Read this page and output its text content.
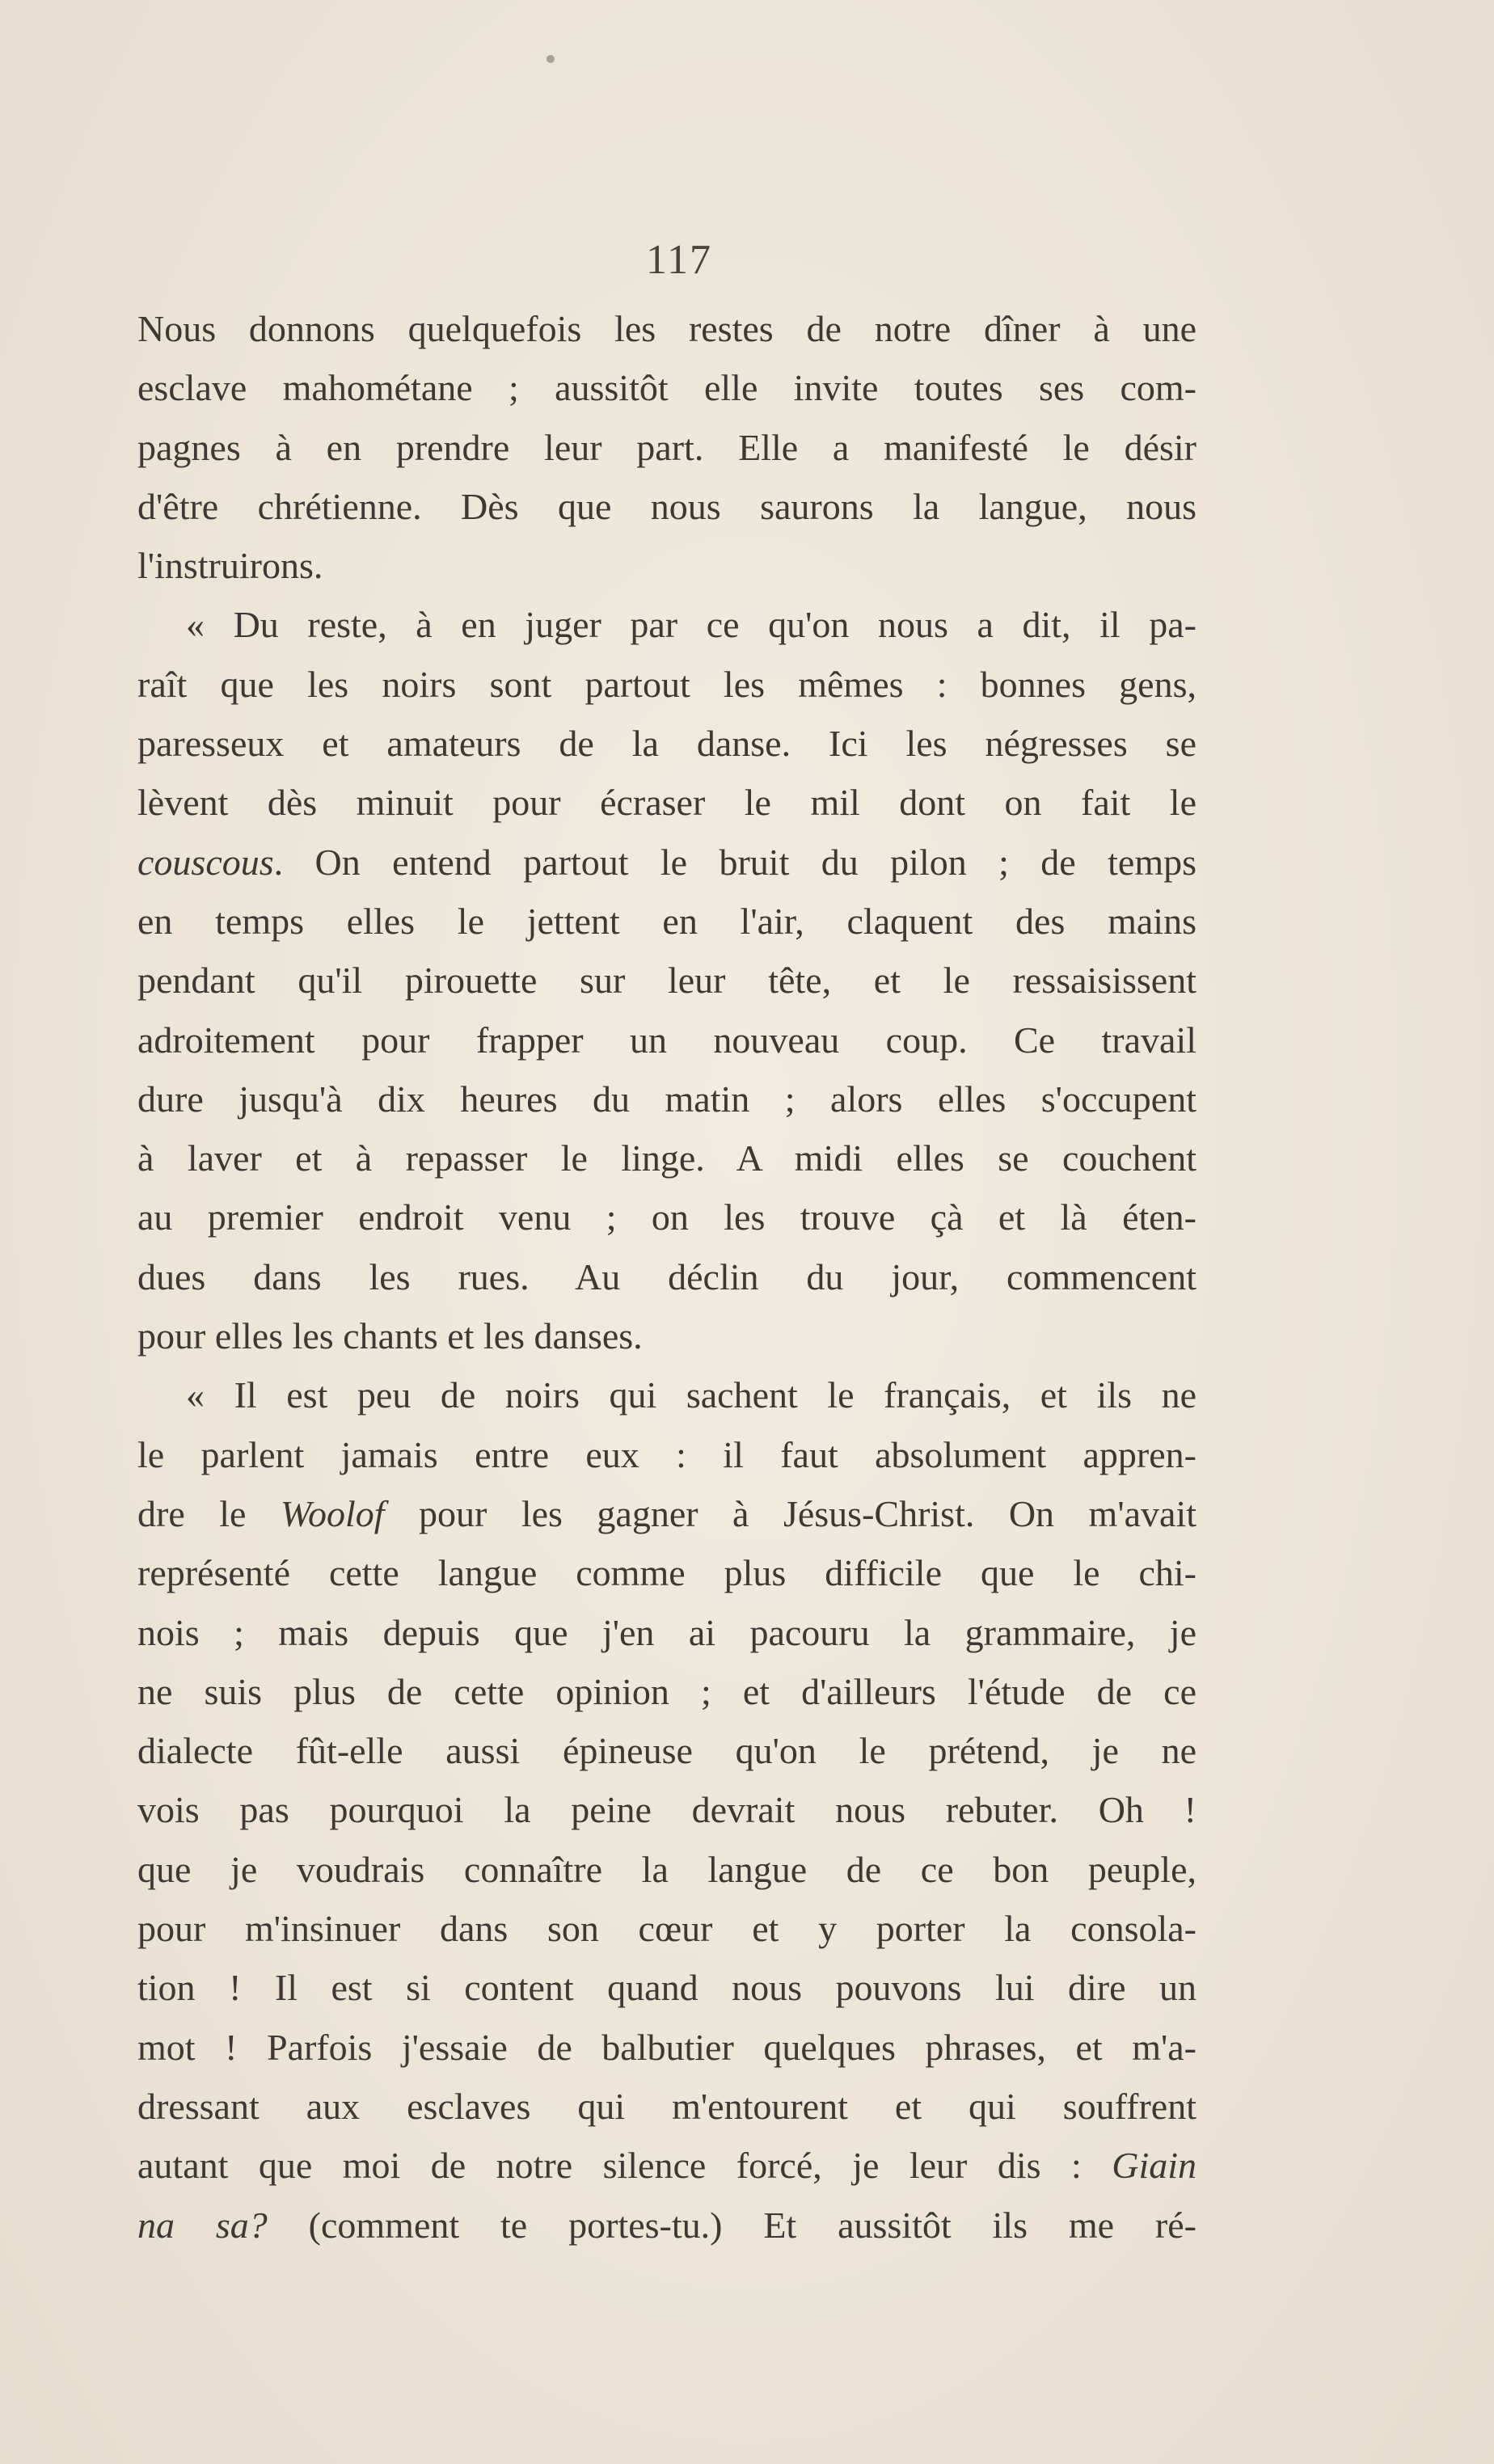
117
Nous donnons quelquefois les restes de notre dîner à une
esclave mahométane ; aussitôt elle invite toutes ses com-
pagnes à en prendre leur part. Elle a manifesté le désir
d'être chrétienne. Dès que nous saurons la langue, nous
l'instruirons.
« Du reste, à en juger par ce qu'on nous a dit, il pa-
raît que les noirs sont partout les mêmes : bonnes gens,
paresseux et amateurs de la danse. Ici les négresses se
lèvent dès minuit pour écraser le mil dont on fait le
couscous. On entend partout le bruit du pilon ; de temps
en temps elles le jettent en l'air, claquent des mains
pendant qu'il pirouette sur leur tête, et le ressaisissent
adroitement pour frapper un nouveau coup. Ce travail
dure jusqu'à dix heures du matin ; alors elles s'occupent
à laver et à repasser le linge. A midi elles se couchent
au premier endroit venu ; on les trouve çà et là éten-
dues dans les rues. Au déclin du jour, commencent
pour elles les chants et les danses.
« Il est peu de noirs qui sachent le français, et ils ne
le parlent jamais entre eux : il faut absolument appren-
dre le Woolof pour les gagner à Jésus-Christ. On m'avait
représenté cette langue comme plus difficile que le chi-
nois ; mais depuis que j'en ai pacouru la grammaire, je
ne suis plus de cette opinion ; et d'ailleurs l'étude de ce
dialecte fût-elle aussi épineuse qu'on le prétend, je ne
vois pas pourquoi la peine devrait nous rebuter. Oh !
que je voudrais connaître la langue de ce bon peuple,
pour m'insinuer dans son cœur et y porter la consola-
tion ! Il est si content quand nous pouvons lui dire un
mot ! Parfois j'essaie de balbutier quelques phrases, et m'a-
dressant aux esclaves qui m'entourent et qui souffrent
autant que moi de notre silence forcé, je leur dis : Giain
na sa? (comment te portes-tu.) Et aussitôt ils me ré-
